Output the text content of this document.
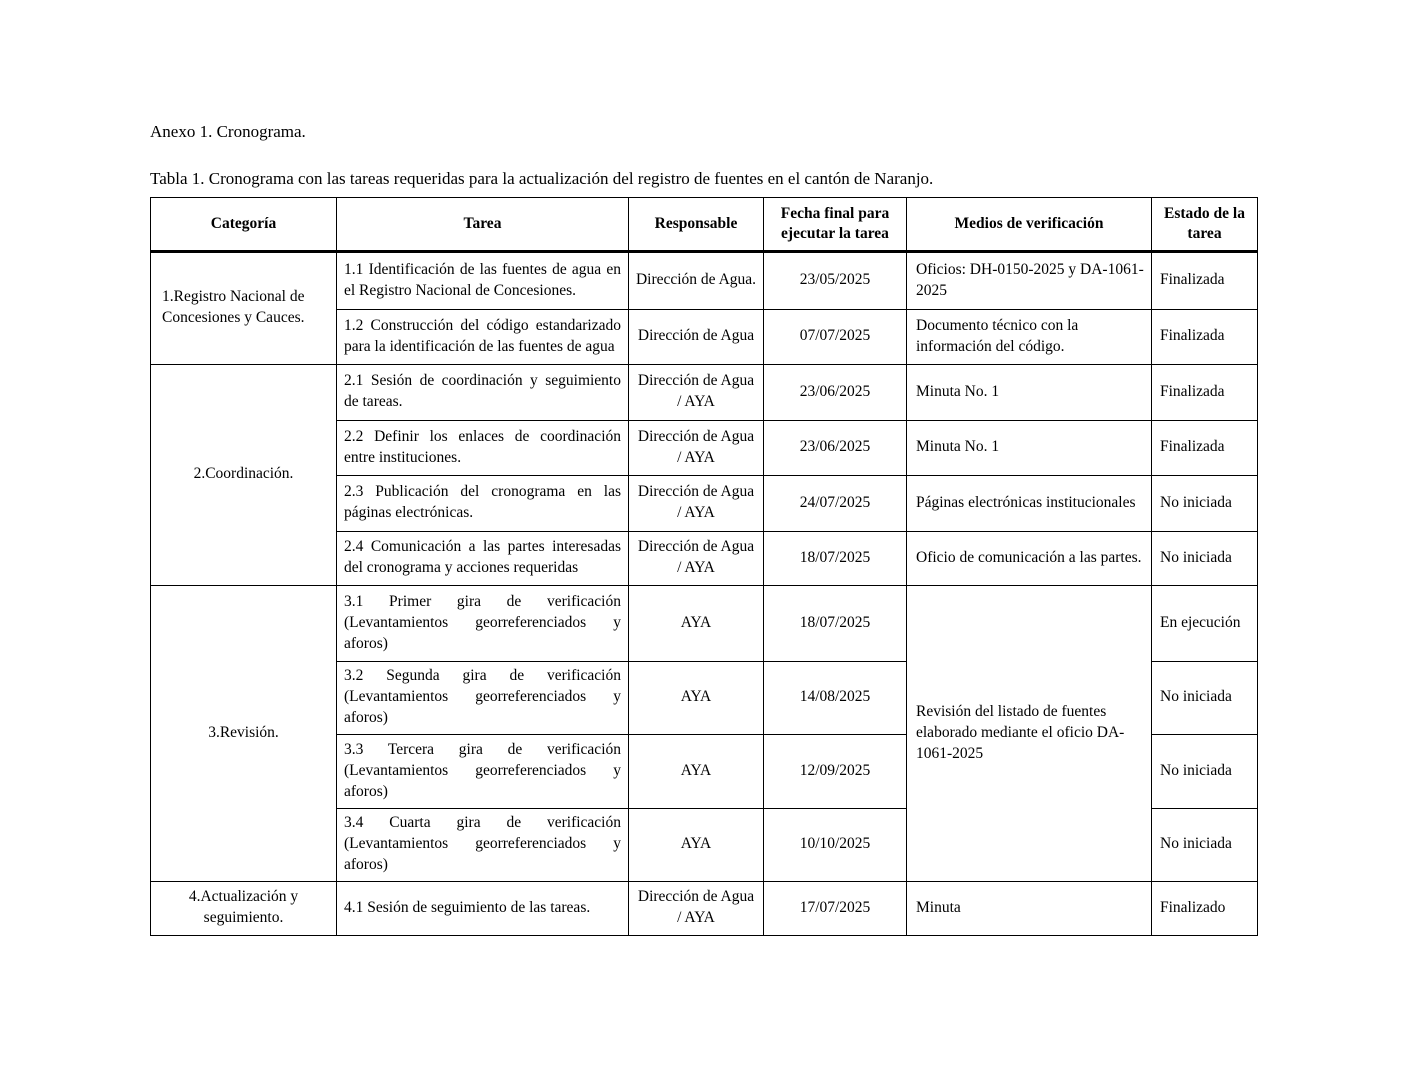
Anexo 1. Cronograma.

Tabla 1. Cronograma con las tareas requeridas para la actualización del registro de fuentes en el cantón de Naranjo.

Categoría	Tarea	Responsable	Fecha final para ejecutar la tarea	Medios de verificación	Estado de la tarea
1.Registro Nacional de Concesiones y Cauces.	1.1 Identificación de las fuentes de agua en el Registro Nacional de Concesiones.	Dirección de Agua.	23/05/2025	Oficios: DH-0150-2025 y DA-1061-2025	Finalizada
	1.2 Construcción del código estandarizado para la identificación de las fuentes de agua	Dirección de Agua	07/07/2025	Documento técnico con la información del código.	Finalizada
2.Coordinación.	2.1 Sesión de coordinación y seguimiento de tareas.	Dirección de Agua / AYA	23/06/2025	Minuta No. 1	Finalizada
	2.2 Definir los enlaces de coordinación entre instituciones.	Dirección de Agua / AYA	23/06/2025	Minuta No. 1	Finalizada
	2.3 Publicación del cronograma en las páginas electrónicas.	Dirección de Agua / AYA	24/07/2025	Páginas electrónicas institucionales	No iniciada
	2.4 Comunicación a las partes interesadas del cronograma y acciones requeridas	Dirección de Agua / AYA	18/07/2025	Oficio de comunicación a las partes.	No iniciada
3.Revisión.	3.1 Primer gira de verificación (Levantamientos georreferenciados y aforos)	AYA	18/07/2025	Revisión del listado de fuentes elaborado mediante el oficio DA-1061-2025	En ejecución
	3.2 Segunda gira de verificación (Levantamientos georreferenciados y aforos)	AYA	14/08/2025		No iniciada
	3.3 Tercera gira de verificación (Levantamientos georreferenciados y aforos)	AYA	12/09/2025		No iniciada
	3.4 Cuarta gira de verificación (Levantamientos georreferenciados y aforos)	AYA	10/10/2025		No iniciada
4.Actualización y seguimiento.	4.1 Sesión de seguimiento de las tareas.	Dirección de Agua / AYA	17/07/2025	Minuta	Finalizado
